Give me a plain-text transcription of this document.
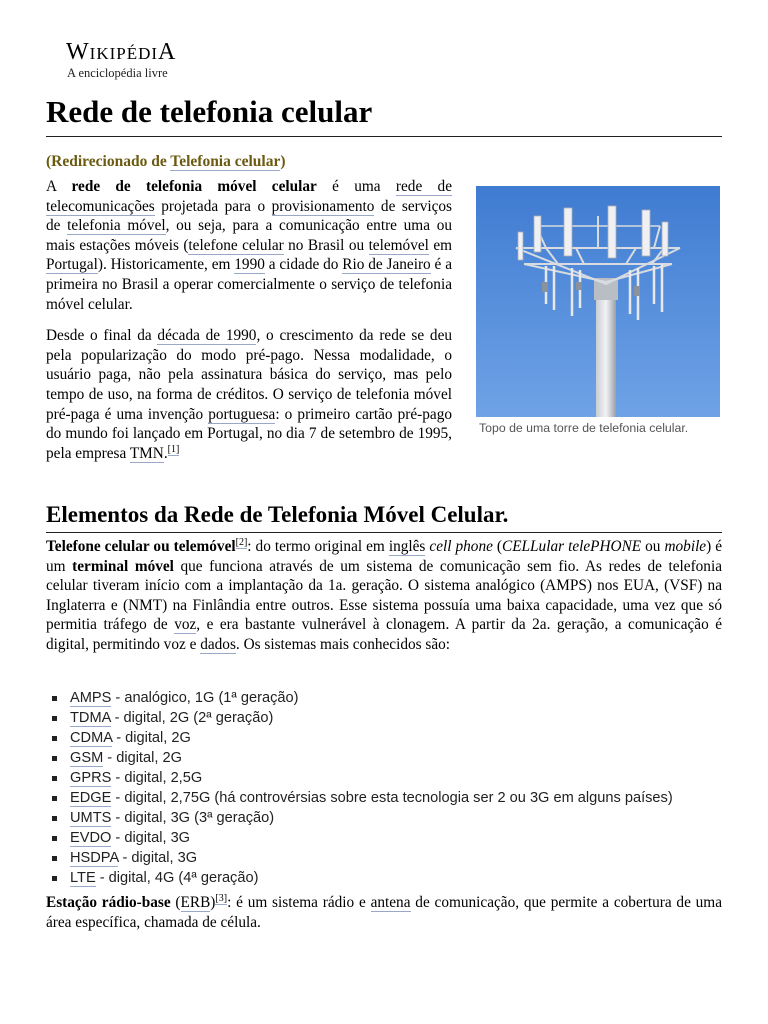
WIKIPÉDIA
A enciclopédia livre
Rede de telefonia celular
(Redirecionado de Telefonia celular)

A rede de telefonia móvel celular é uma rede de telecomunicações projetada para o provisionamento de serviços de telefonia móvel, ou seja, para a comunicação entre uma ou mais estações móveis (telefone celular no Brasil ou telemóvel em Portugal). Historicamente, em 1990 a cidade do Rio de Janeiro é a primeira no Brasil a operar comercialmente o serviço de telefonia móvel celular.

Desde o final da década de 1990, o crescimento da rede se deu pela popularização do modo pré-pago. Nessa modalidade, o usuário paga, não pela assinatura básica do serviço, mas pelo tempo de uso, na forma de créditos. O serviço de telefonia móvel pré-paga é uma invenção portuguesa: o primeiro cartão pré-pago do mundo foi lançado em Portugal, no dia 7 de setembro de 1995, pela empresa TMN.[1]

Topo de uma torre de telefonia celular.
Elementos da Rede de Telefonia Móvel Celular.

Telefone celular ou telemóvel[2]: do termo original em inglês cell phone (CELLular telePHONE ou mobile) é um terminal móvel que funciona através de um sistema de comunicação sem fio. As redes de telefonia celular tiveram início com a implantação da 1a. geração. O sistema analógico (AMPS) nos EUA, (VSF) na Inglaterra e (NMT) na Finlândia entre outros. Esse sistema possuía uma baixa capacidade, uma vez que só permitia tráfego de voz, e era bastante vulnerável à clonagem. A partir da 2a. geração, a comunicação é digital, permitindo voz e dados. Os sistemas mais conhecidos são:

AMPS - analógico, 1G (1ª geração)
TDMA - digital, 2G (2ª geração)
CDMA - digital, 2G
GSM - digital, 2G
GPRS - digital, 2,5G
EDGE - digital, 2,75G (há controvérsias sobre esta tecnologia ser 2 ou 3G em alguns países)
UMTS - digital, 3G (3ª geração)
EVDO - digital, 3G
HSDPA - digital, 3G
LTE - digital, 4G (4ª geração)

Estação rádio-base (ERB)[3]: é um sistema rádio e antena de comunicação, que permite a cobertura de uma área específica, chamada de célula.
